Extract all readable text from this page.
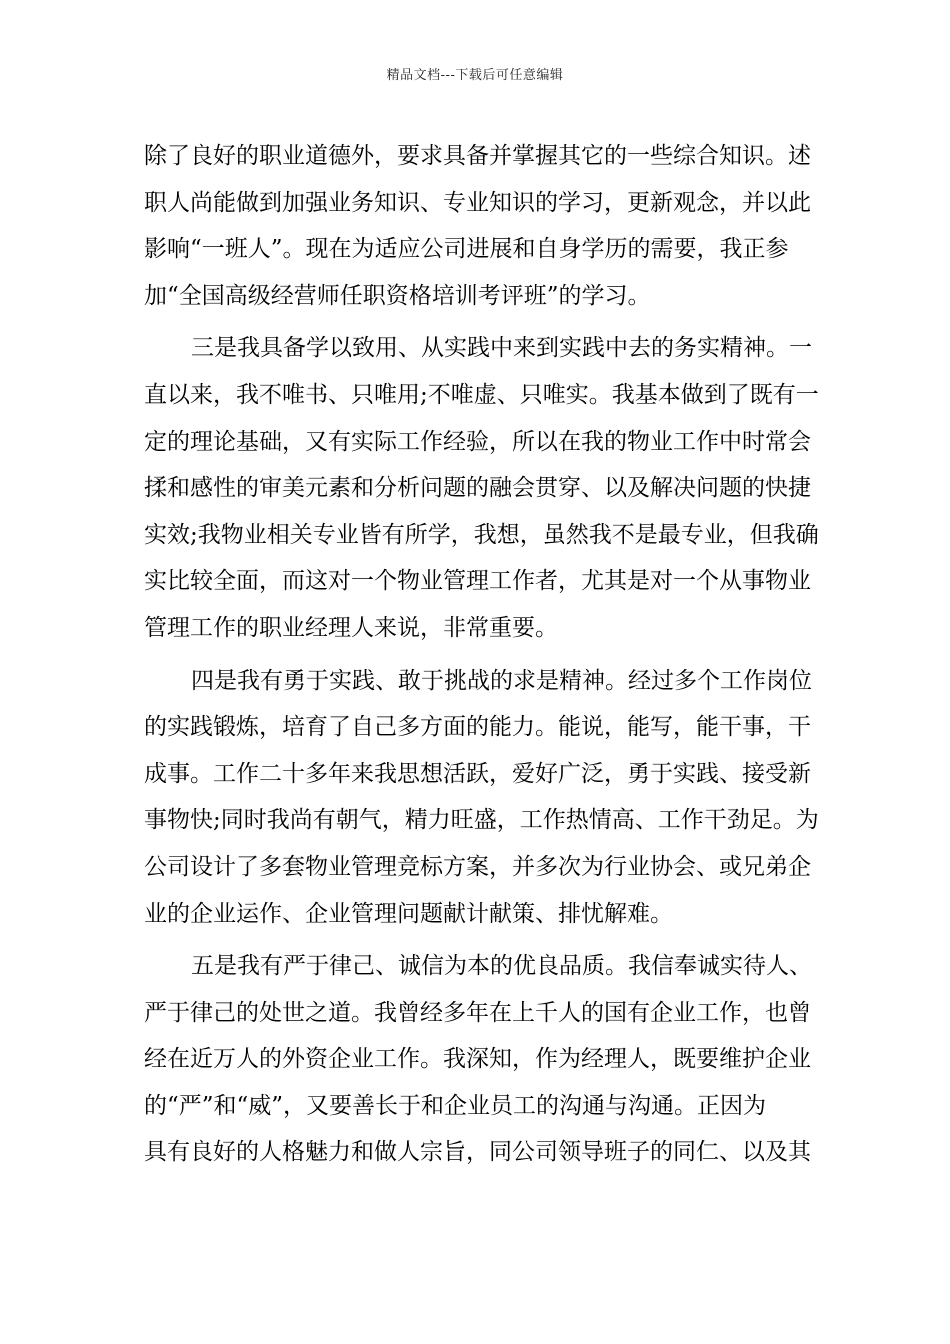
精品文档---下载后可任意编辑
除了良好的职业道德外，要求具备并掌握其它的一些综合知识。述
职人尚能做到加强业务知识、专业知识的学习，更新观念，并以此
影响“一班人”。现在为适应公司进展和自身学历的需要，我正参
加“全国高级经营师任职资格培训考评班”的学习。
三是我具备学以致用、从实践中来到实践中去的务实精神。一
直以来，我不唯书、只唯用;不唯虚、只唯实。我基本做到了既有一
定的理论基础，又有实际工作经验，所以在我的物业工作中时常会
揉和感性的审美元素和分析问题的融会贯穿、以及解决问题的快捷
实效;我物业相关专业皆有所学，我想，虽然我不是最专业，但我确
实比较全面，而这对一个物业管理工作者，尤其是对一个从事物业
管理工作的职业经理人来说，非常重要。
四是我有勇于实践、敢于挑战的求是精神。经过多个工作岗位
的实践锻炼，培育了自己多方面的能力。能说，能写，能干事，干
成事。工作二十多年来我思想活跃，爱好广泛，勇于实践、接受新
事物快;同时我尚有朝气，精力旺盛，工作热情高、工作干劲足。为
公司设计了多套物业管理竞标方案，并多次为行业协会、或兄弟企
业的企业运作、企业管理问题献计献策、排忧解难。
五是我有严于律己、诚信为本的优良品质。我信奉诚实待人、
严于律己的处世之道。我曾经多年在上千人的国有企业工作，也曾
经在近万人的外资企业工作。我深知，作为经理人，既要维护企业
的“严”和“威”，又要善长于和企业员工的沟通与沟通。正因为
具有良好的人格魅力和做人宗旨，同公司领导班子的同仁、以及其
